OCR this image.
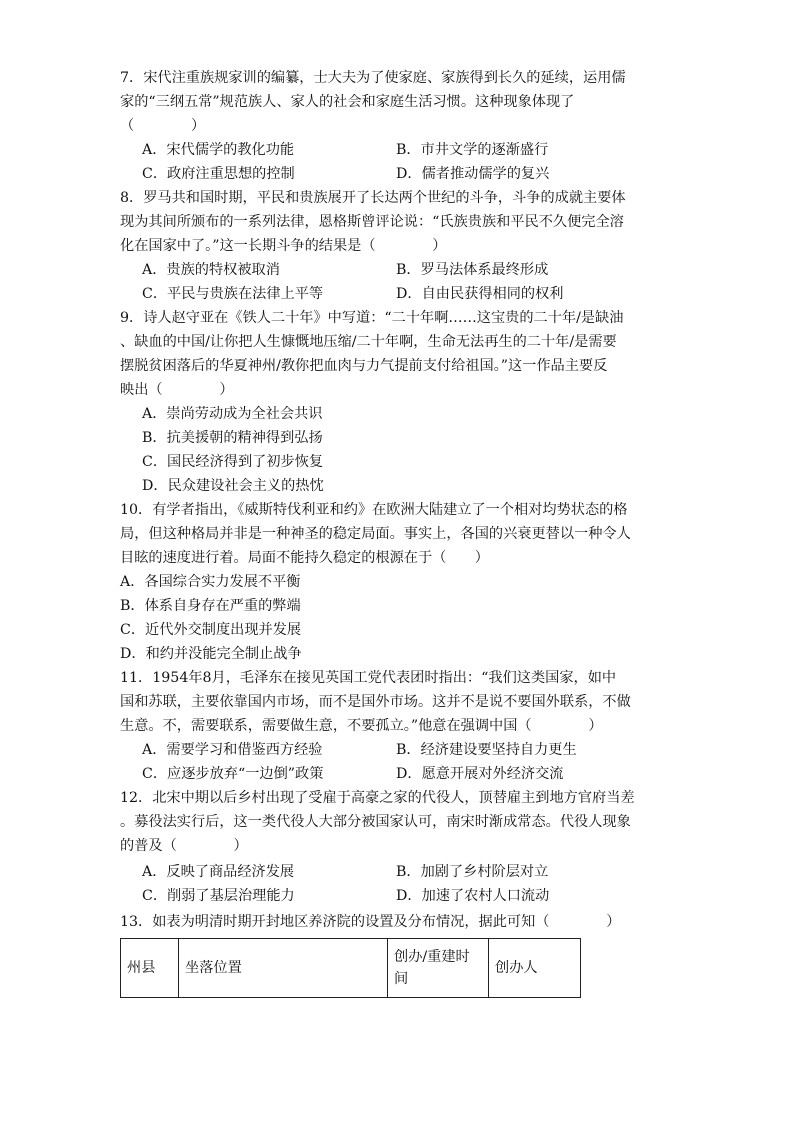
7．宋代注重族规家训的编纂，士大夫为了使家庭、家族得到长久的延续，运用儒
家的“三纲五常”规范族人、家人的社会和家庭生活习惯。这种现象体现了
（　　　　）
A．宋代儒学的教化功能	B．市井文学的逐渐盛行
C．政府注重思想的控制	D．儒者推动儒学的复兴
8．罗马共和国时期，平民和贵族展开了长达两个世纪的斗争，斗争的成就主要体
现为其间所颁布的一系列法律，恩格斯曾评论说：“氏族贵族和平民不久便完全溶
化在国家中了。”这一长期斗争的结果是（　　　　）
A．贵族的特权被取消	B．罗马法体系最终形成
C．平民与贵族在法律上平等	D．自由民获得相同的权利
9．诗人赵守亚在《铁人二十年》中写道：“二十年啊……这宝贵的二十年/是缺油
、缺血的中国/让你把人生慷慨地压缩/二十年啊，生命无法再生的二十年/是需要
摆脱贫困落后的华夏神州/教你把血肉与力气提前支付给祖国。”这一作品主要反
映出（　　　　）
A．崇尚劳动成为全社会共识
B．抗美援朝的精神得到弘扬
C．国民经济得到了初步恢复
D．民众建设社会主义的热忱
10．有学者指出，《威斯特伐利亚和约》在欧洲大陆建立了一个相对均势状态的格
局，但这种格局并非是一种神圣的稳定局面。事实上，各国的兴衰更替以一种令人
目眩的速度进行着。局面不能持久稳定的根源在于（　　）
A．各国综合实力发展不平衡
B．体系自身存在严重的弊端
C．近代外交制度出现并发展
D．和约并没能完全制止战争
11．1954年8月，毛泽东在接见英国工党代表团时指出：“我们这类国家，如中
国和苏联，主要依靠国内市场，而不是国外市场。这并不是说不要国外联系，不做
生意。不，需要联系，需要做生意，不要孤立。”他意在强调中国（　　　　）
A．需要学习和借鉴西方经验	B．经济建设要坚持自力更生
C．应逐步放弃“一边倒”政策	D．愿意开展对外经济交流
12．北宋中期以后乡村出现了受雇于高豪之家的代役人，顶替雇主到地方官府当差
。募役法实行后，这一类代役人大部分被国家认可，南宋时渐成常态。代役人现象
的普及（　　　　）
A．反映了商品经济发展	B．加剧了乡村阶层对立
C．削弱了基层治理能力	D．加速了农村人口流动
13．如表为明清时期开封地区养济院的设置及分布情况，据此可知（　　　　）
州县	坐落位置	创办/重建时间	创办人
